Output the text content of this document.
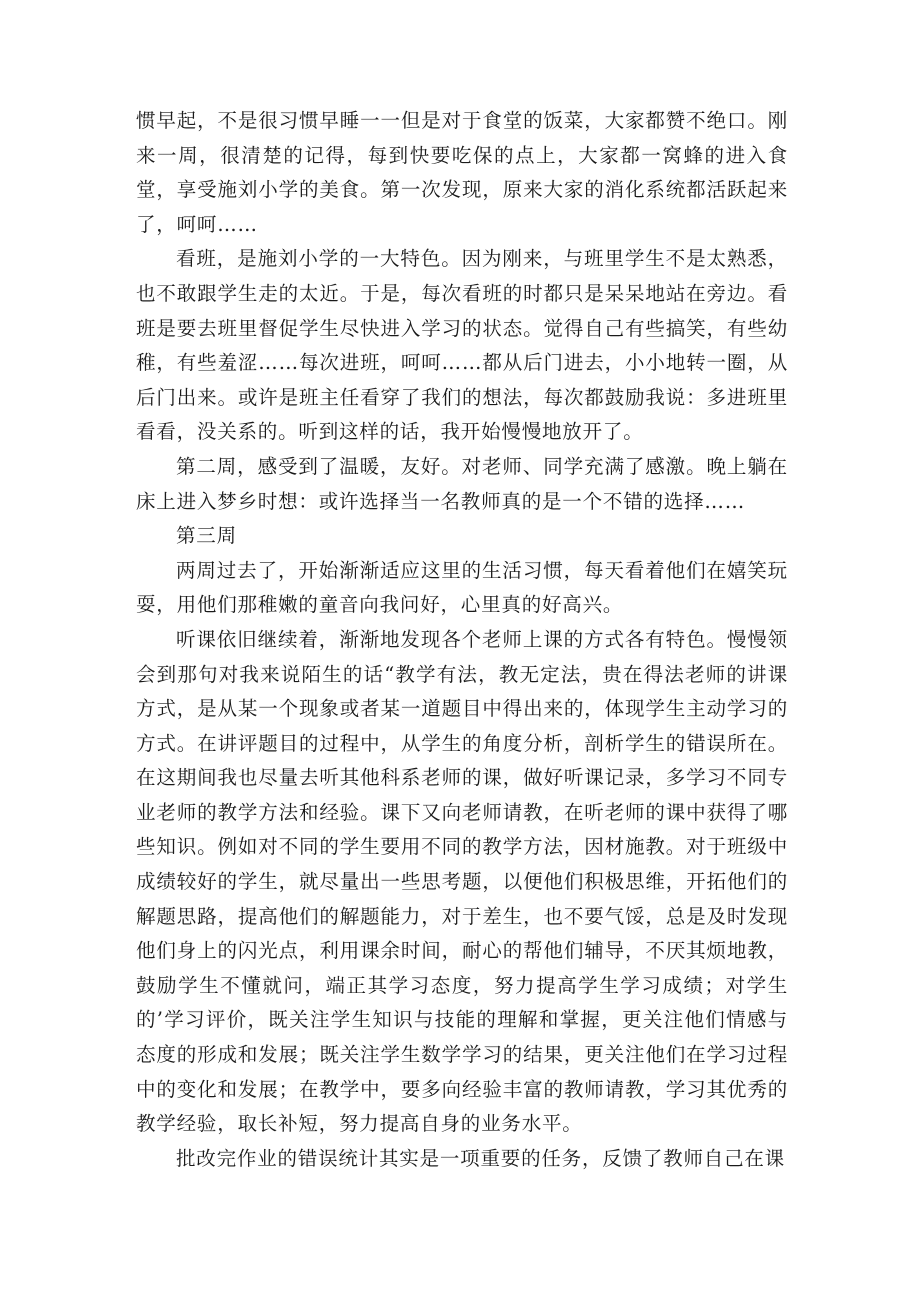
惯早起，不是很习惯早睡一一但是对于食堂的饭菜，大家都赞不绝口。刚来一周，很清楚的记得，每到快要吃保的点上，大家都一窝蜂的进入食堂，享受施刘小学的美食。第一次发现，原来大家的消化系统都活跃起来了，呵呵……

看班，是施刘小学的一大特色。因为刚来，与班里学生不是太熟悉，也不敢跟学生走的太近。于是，每次看班的时都只是呆呆地站在旁边。看班是要去班里督促学生尽快进入学习的状态。觉得自己有些搞笑，有些幼稚，有些羞涩……每次进班，呵呵……都从后门进去，小小地转一圈，从后门出来。或许是班主任看穿了我们的想法，每次都鼓励我说：多进班里看看，没关系的。听到这样的话，我开始慢慢地放开了。

第二周，感受到了温暖，友好。对老师、同学充满了感激。晚上躺在床上进入梦乡时想：或许选择当一名教师真的是一个不错的选择……

第三周

两周过去了，开始渐渐适应这里的生活习惯，每天看着他们在嬉笑玩耍，用他们那稚嫩的童音向我问好，心里真的好高兴。

听课依旧继续着，渐渐地发现各个老师上课的方式各有特色。慢慢领会到那句对我来说陌生的话“教学有法，教无定法，贵在得法老师的讲课方式，是从某一个现象或者某一道题目中得出来的，体现学生主动学习的方式。在讲评题目的过程中，从学生的角度分析，剖析学生的错误所在。在这期间我也尽量去听其他科系老师的课，做好听课记录，多学习不同专业老师的教学方法和经验。课下又向老师请教，在听老师的课中获得了哪些知识。例如对不同的学生要用不同的教学方法，因材施教。对于班级中成绩较好的学生，就尽量出一些思考题，以便他们积极思维，开拓他们的解题思路，提高他们的解题能力，对于差生，也不要气馁，总是及时发现他们身上的闪光点，利用课余时间，耐心的帮他们辅导，不厌其烦地教，鼓励学生不懂就问，端正其学习态度，努力提高学生学习成绩；对学生的’学习评价，既关注学生知识与技能的理解和掌握，更关注他们情感与态度的形成和发展；既关注学生数学学习的结果，更关注他们在学习过程中的变化和发展；在教学中，要多向经验丰富的教师请教，学习其优秀的教学经验，取长补短，努力提高自身的业务水平。

批改完作业的错误统计其实是一项重要的任务，反馈了教师自己在课
